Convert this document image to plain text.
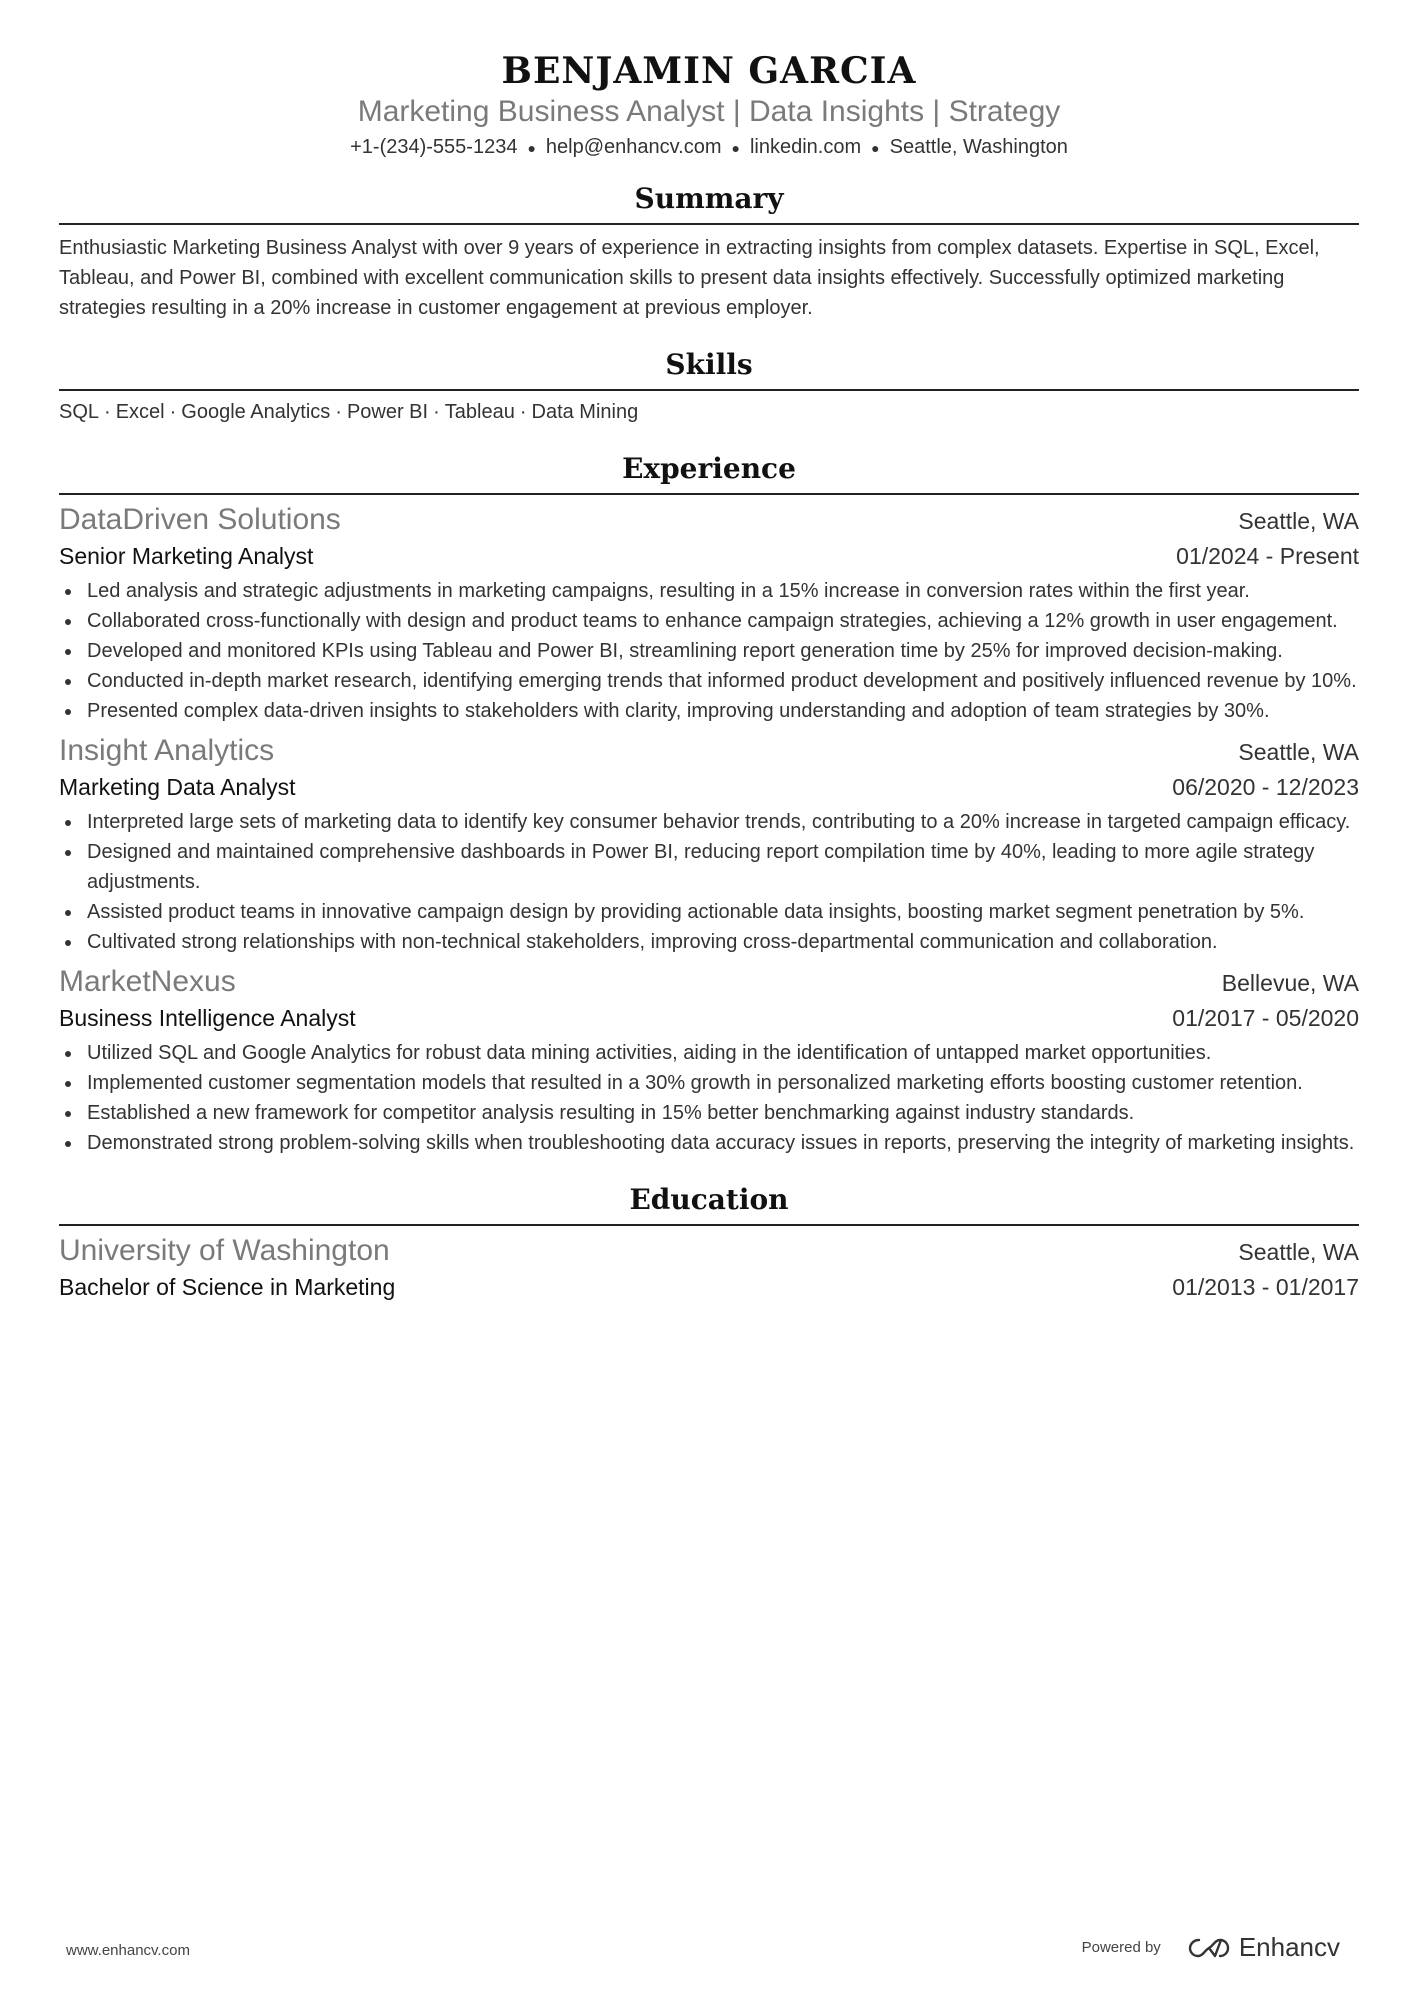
BENJAMIN GARCIA
Marketing Business Analyst | Data Insights | Strategy
+1-(234)-555-1234 ● help@enhancv.com ● linkedin.com ● Seattle, Washington
Summary
Enthusiastic Marketing Business Analyst with over 9 years of experience in extracting insights from complex datasets. Expertise in SQL, Excel, Tableau, and Power BI, combined with excellent communication skills to present data insights effectively. Successfully optimized marketing strategies resulting in a 20% increase in customer engagement at previous employer.
Skills
SQL · Excel · Google Analytics · Power BI · Tableau · Data Mining
Experience
DataDriven Solutions	Seattle, WA
Senior Marketing Analyst	01/2024 - Present
Led analysis and strategic adjustments in marketing campaigns, resulting in a 15% increase in conversion rates within the first year.
Collaborated cross-functionally with design and product teams to enhance campaign strategies, achieving a 12% growth in user engagement.
Developed and monitored KPIs using Tableau and Power BI, streamlining report generation time by 25% for improved decision-making.
Conducted in-depth market research, identifying emerging trends that informed product development and positively influenced revenue by 10%.
Presented complex data-driven insights to stakeholders with clarity, improving understanding and adoption of team strategies by 30%.
Insight Analytics	Seattle, WA
Marketing Data Analyst	06/2020 - 12/2023
Interpreted large sets of marketing data to identify key consumer behavior trends, contributing to a 20% increase in targeted campaign efficacy.
Designed and maintained comprehensive dashboards in Power BI, reducing report compilation time by 40%, leading to more agile strategy adjustments.
Assisted product teams in innovative campaign design by providing actionable data insights, boosting market segment penetration by 5%.
Cultivated strong relationships with non-technical stakeholders, improving cross-departmental communication and collaboration.
MarketNexus	Bellevue, WA
Business Intelligence Analyst	01/2017 - 05/2020
Utilized SQL and Google Analytics for robust data mining activities, aiding in the identification of untapped market opportunities.
Implemented customer segmentation models that resulted in a 30% growth in personalized marketing efforts boosting customer retention.
Established a new framework for competitor analysis resulting in 15% better benchmarking against industry standards.
Demonstrated strong problem-solving skills when troubleshooting data accuracy issues in reports, preserving the integrity of marketing insights.
Education
University of Washington	Seattle, WA
Bachelor of Science in Marketing	01/2013 - 01/2017
www.enhancv.com	Powered by	Enhancv
